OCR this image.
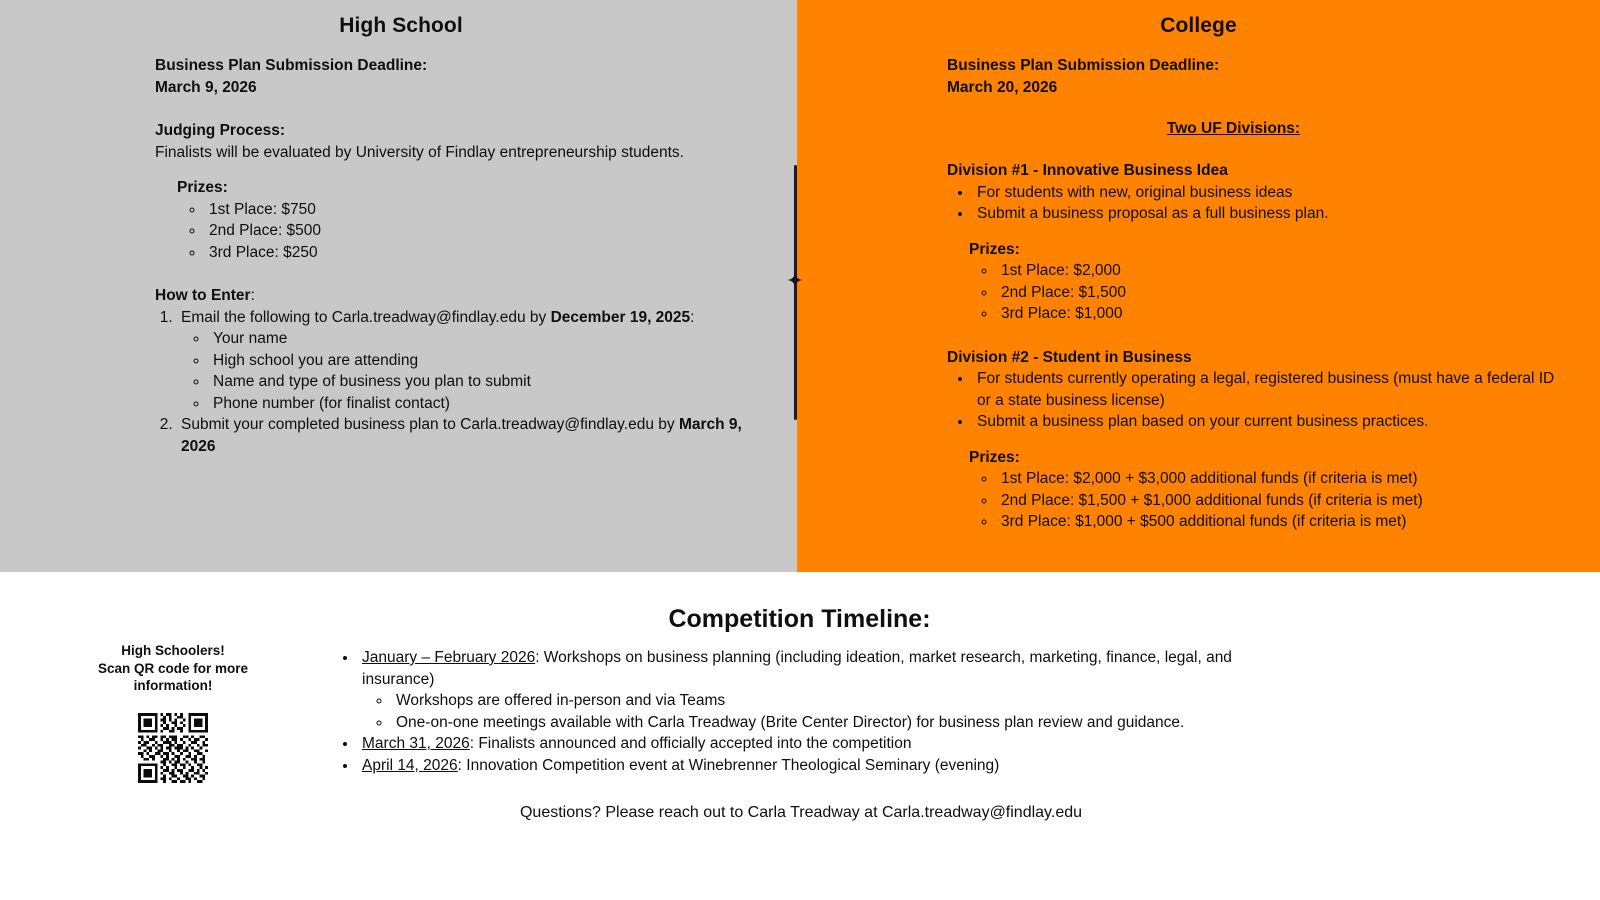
High School
Business Plan Submission Deadline:
March 9, 2026
Judging Process:
Finalists will be evaluated by University of Findlay entrepreneurship students.
Prizes:
◦ 1st Place: $750
◦ 2nd Place: $500
◦ 3rd Place: $250
How to Enter:
1. Email the following to Carla.treadway@findlay.edu by December 19, 2025:
◦ Your name
◦ High school you are attending
◦ Name and type of business you plan to submit
◦ Phone number (for finalist contact)
2. Submit your completed business plan to Carla.treadway@findlay.edu by March 9, 2026
College
Business Plan Submission Deadline:
March 20, 2026
Two UF Divisions:
Division #1 - Innovative Business Idea
• For students with new, original business ideas
• Submit a business proposal as a full business plan.
Prizes:
◦ 1st Place: $2,000
◦ 2nd Place: $1,500
◦ 3rd Place: $1,000
Division #2 - Student in Business
• For students currently operating a legal, registered business (must have a federal ID or a state business license)
• Submit a business plan based on your current business practices.
Prizes:
◦ 1st Place: $2,000 + $3,000 additional funds (if criteria is met)
◦ 2nd Place: $1,500 + $1,000 additional funds (if criteria is met)
◦ 3rd Place: $1,000 + $500 additional funds (if criteria is met)
Competition Timeline:
High Schoolers!
Scan QR code for more
information!
• January – February 2026: Workshops on business planning (including ideation, market research, marketing, finance, legal, and insurance)
◦ Workshops are offered in-person and via Teams
◦ One-on-one meetings available with Carla Treadway (Brite Center Director) for business plan review and guidance.
• March 31, 2026: Finalists announced and officially accepted into the competition
• April 14, 2026: Innovation Competition event at Winebrenner Theological Seminary (evening)
Questions? Please reach out to Carla Treadway at Carla.treadway@findlay.edu
